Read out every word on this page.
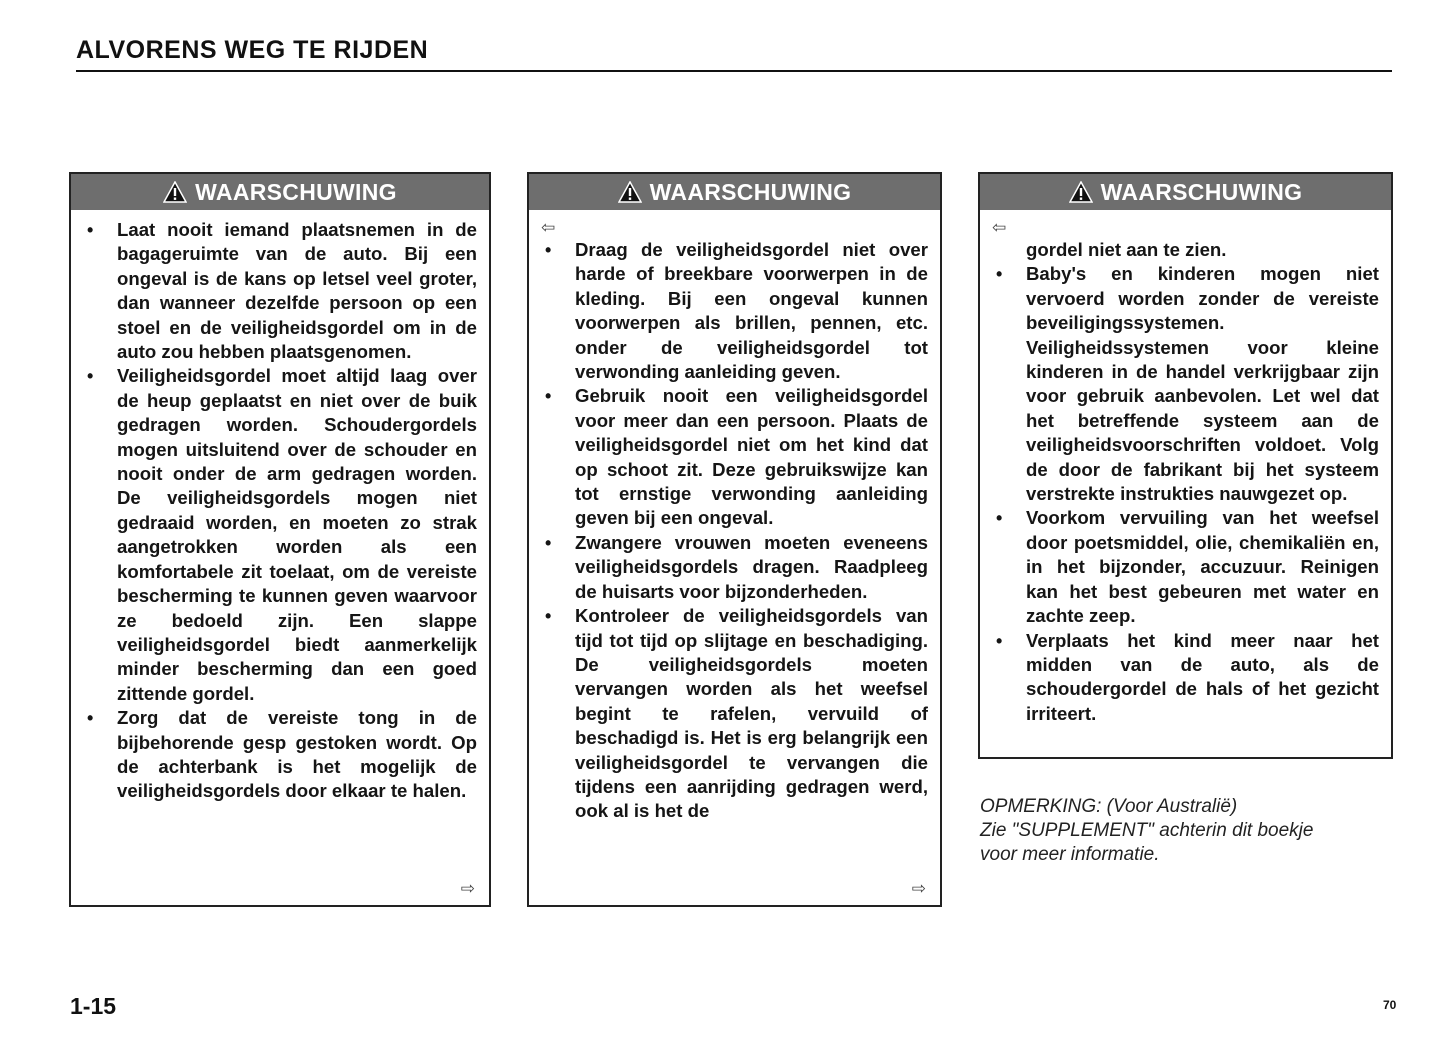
ALVORENS WEG TE RIJDEN
WAARSCHUWING
• Laat nooit iemand plaatsnemen in de bagageruimte van de auto. Bij een ongeval is de kans op letsel veel groter, dan wanneer dezelfde persoon op een stoel en de veiligheidsgordel om in de auto zou hebben plaatsgenomen.
• Veiligheidsgordel moet altijd laag over de heup geplaatst en niet over de buik gedragen worden. Schoudergordels mogen uitsluitend over de schouder en nooit onder de arm gedragen worden. De veiligheidsgordels mogen niet gedraaid worden, en moeten zo strak aangetrokken worden als een komfortabele zit toelaat, om de vereiste bescherming te kunnen geven waarvoor ze bedoeld zijn. Een slappe veiligheidsgordel biedt aanmerkelijk minder bescherming dan een goed zittende gordel.
• Zorg dat de vereiste tong in de bijbehorende gesp gestoken wordt. Op de achterbank is het mogelijk de veiligheidsgordels door elkaar te halen.
⇨
WAARSCHUWING
⇦
• Draag de veiligheidsgordel niet over harde of breekbare voorwerpen in de kleding. Bij een ongeval kunnen voorwerpen als brillen, pennen, etc. onder de veiligheidsgordel tot verwonding aanleiding geven.
• Gebruik nooit een veiligheidsgordel voor meer dan een persoon. Plaats de veiligheidsgordel niet om het kind dat op schoot zit. Deze gebruikswijze kan tot ernstige verwonding aanleiding geven bij een ongeval.
• Zwangere vrouwen moeten eveneens veiligheidsgordels dragen. Raadpleeg de huisarts voor bijzonderheden.
• Kontroleer de veiligheidsgordels van tijd tot tijd op slijtage en beschadiging. De veiligheidsgordels moeten vervangen worden als het weefsel begint te rafelen, vervuild of beschadigd is. Het is erg belangrijk een veiligheidsgordel te vervangen die tijdens een aanrijding gedragen werd, ook al is het de
⇨
WAARSCHUWING
⇦
gordel niet aan te zien.
• Baby's en kinderen mogen niet vervoerd worden zonder de vereiste beveiligingssystemen. Veiligheidssystemen voor kleine kinderen in de handel verkrijgbaar zijn voor gebruik aanbevolen. Let wel dat het betreffende systeem aan de veiligheidsvoorschriften voldoet. Volg de door de fabrikant bij het systeem verstrekte instrukties nauwgezet op.
• Voorkom vervuiling van het weefsel door poetsmiddel, olie, chemikaliën en, in het bijzonder, accuzuur. Reinigen kan het best gebeuren met water en zachte zeep.
• Verplaats het kind meer naar het midden van de auto, als de schoudergordel de hals of het gezicht irriteert.
OPMERKING: (Voor Australië)
Zie "SUPPLEMENT" achterin dit boekje
voor meer informatie.
1-15	70
